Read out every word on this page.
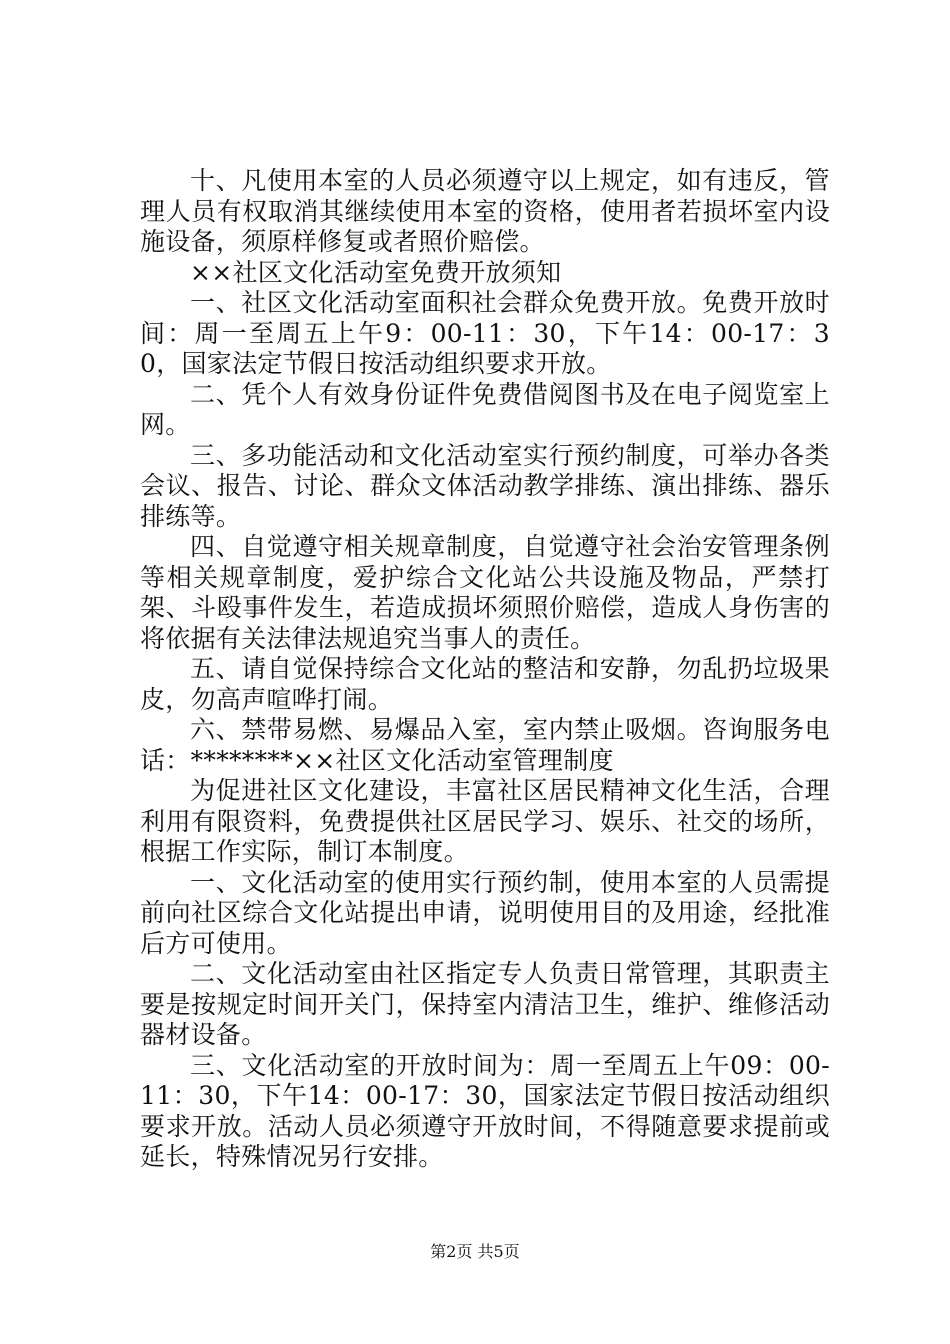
十、凡使用本室的人员必须遵守以上规定，如有违反，管理人员有权取消其继续使用本室的资格，使用者若损坏室内设施设备，须原样修复或者照价赔偿。

××社区文化活动室免费开放须知

一、社区文化活动室面积社会群众免费开放。免费开放时间：周一至周五上午9：00-11：30，下午14：00-17：30，国家法定节假日按活动组织要求开放。

二、凭个人有效身份证件免费借阅图书及在电子阅览室上网。

三、多功能活动和文化活动室实行预约制度，可举办各类会议、报告、讨论、群众文体活动教学排练、演出排练、器乐排练等。

四、自觉遵守相关规章制度，自觉遵守社会治安管理条例等相关规章制度，爱护综合文化站公共设施及物品，严禁打架、斗殴事件发生，若造成损坏须照价赔偿，造成人身伤害的将依据有关法律法规追究当事人的责任。

五、请自觉保持综合文化站的整洁和安静，勿乱扔垃圾果皮，勿高声喧哗打闹。

六、禁带易燃、易爆品入室，室内禁止吸烟。咨询服务电话：********××社区文化活动室管理制度

为促进社区文化建设，丰富社区居民精神文化生活，合理利用有限资料，免费提供社区居民学习、娱乐、社交的场所，根据工作实际，制订本制度。

一、文化活动室的使用实行预约制，使用本室的人员需提前向社区综合文化站提出申请，说明使用目的及用途，经批准后方可使用。

二、文化活动室由社区指定专人负责日常管理，其职责主要是按规定时间开关门，保持室内清洁卫生，维护、维修活动器材设备。

三、文化活动室的开放时间为：周一至周五上午09：00-11：30，下午14：00-17：30，国家法定节假日按活动组织要求开放。活动人员必须遵守开放时间，不得随意要求提前或延长，特殊情况另行安排。

第2页 共5页
